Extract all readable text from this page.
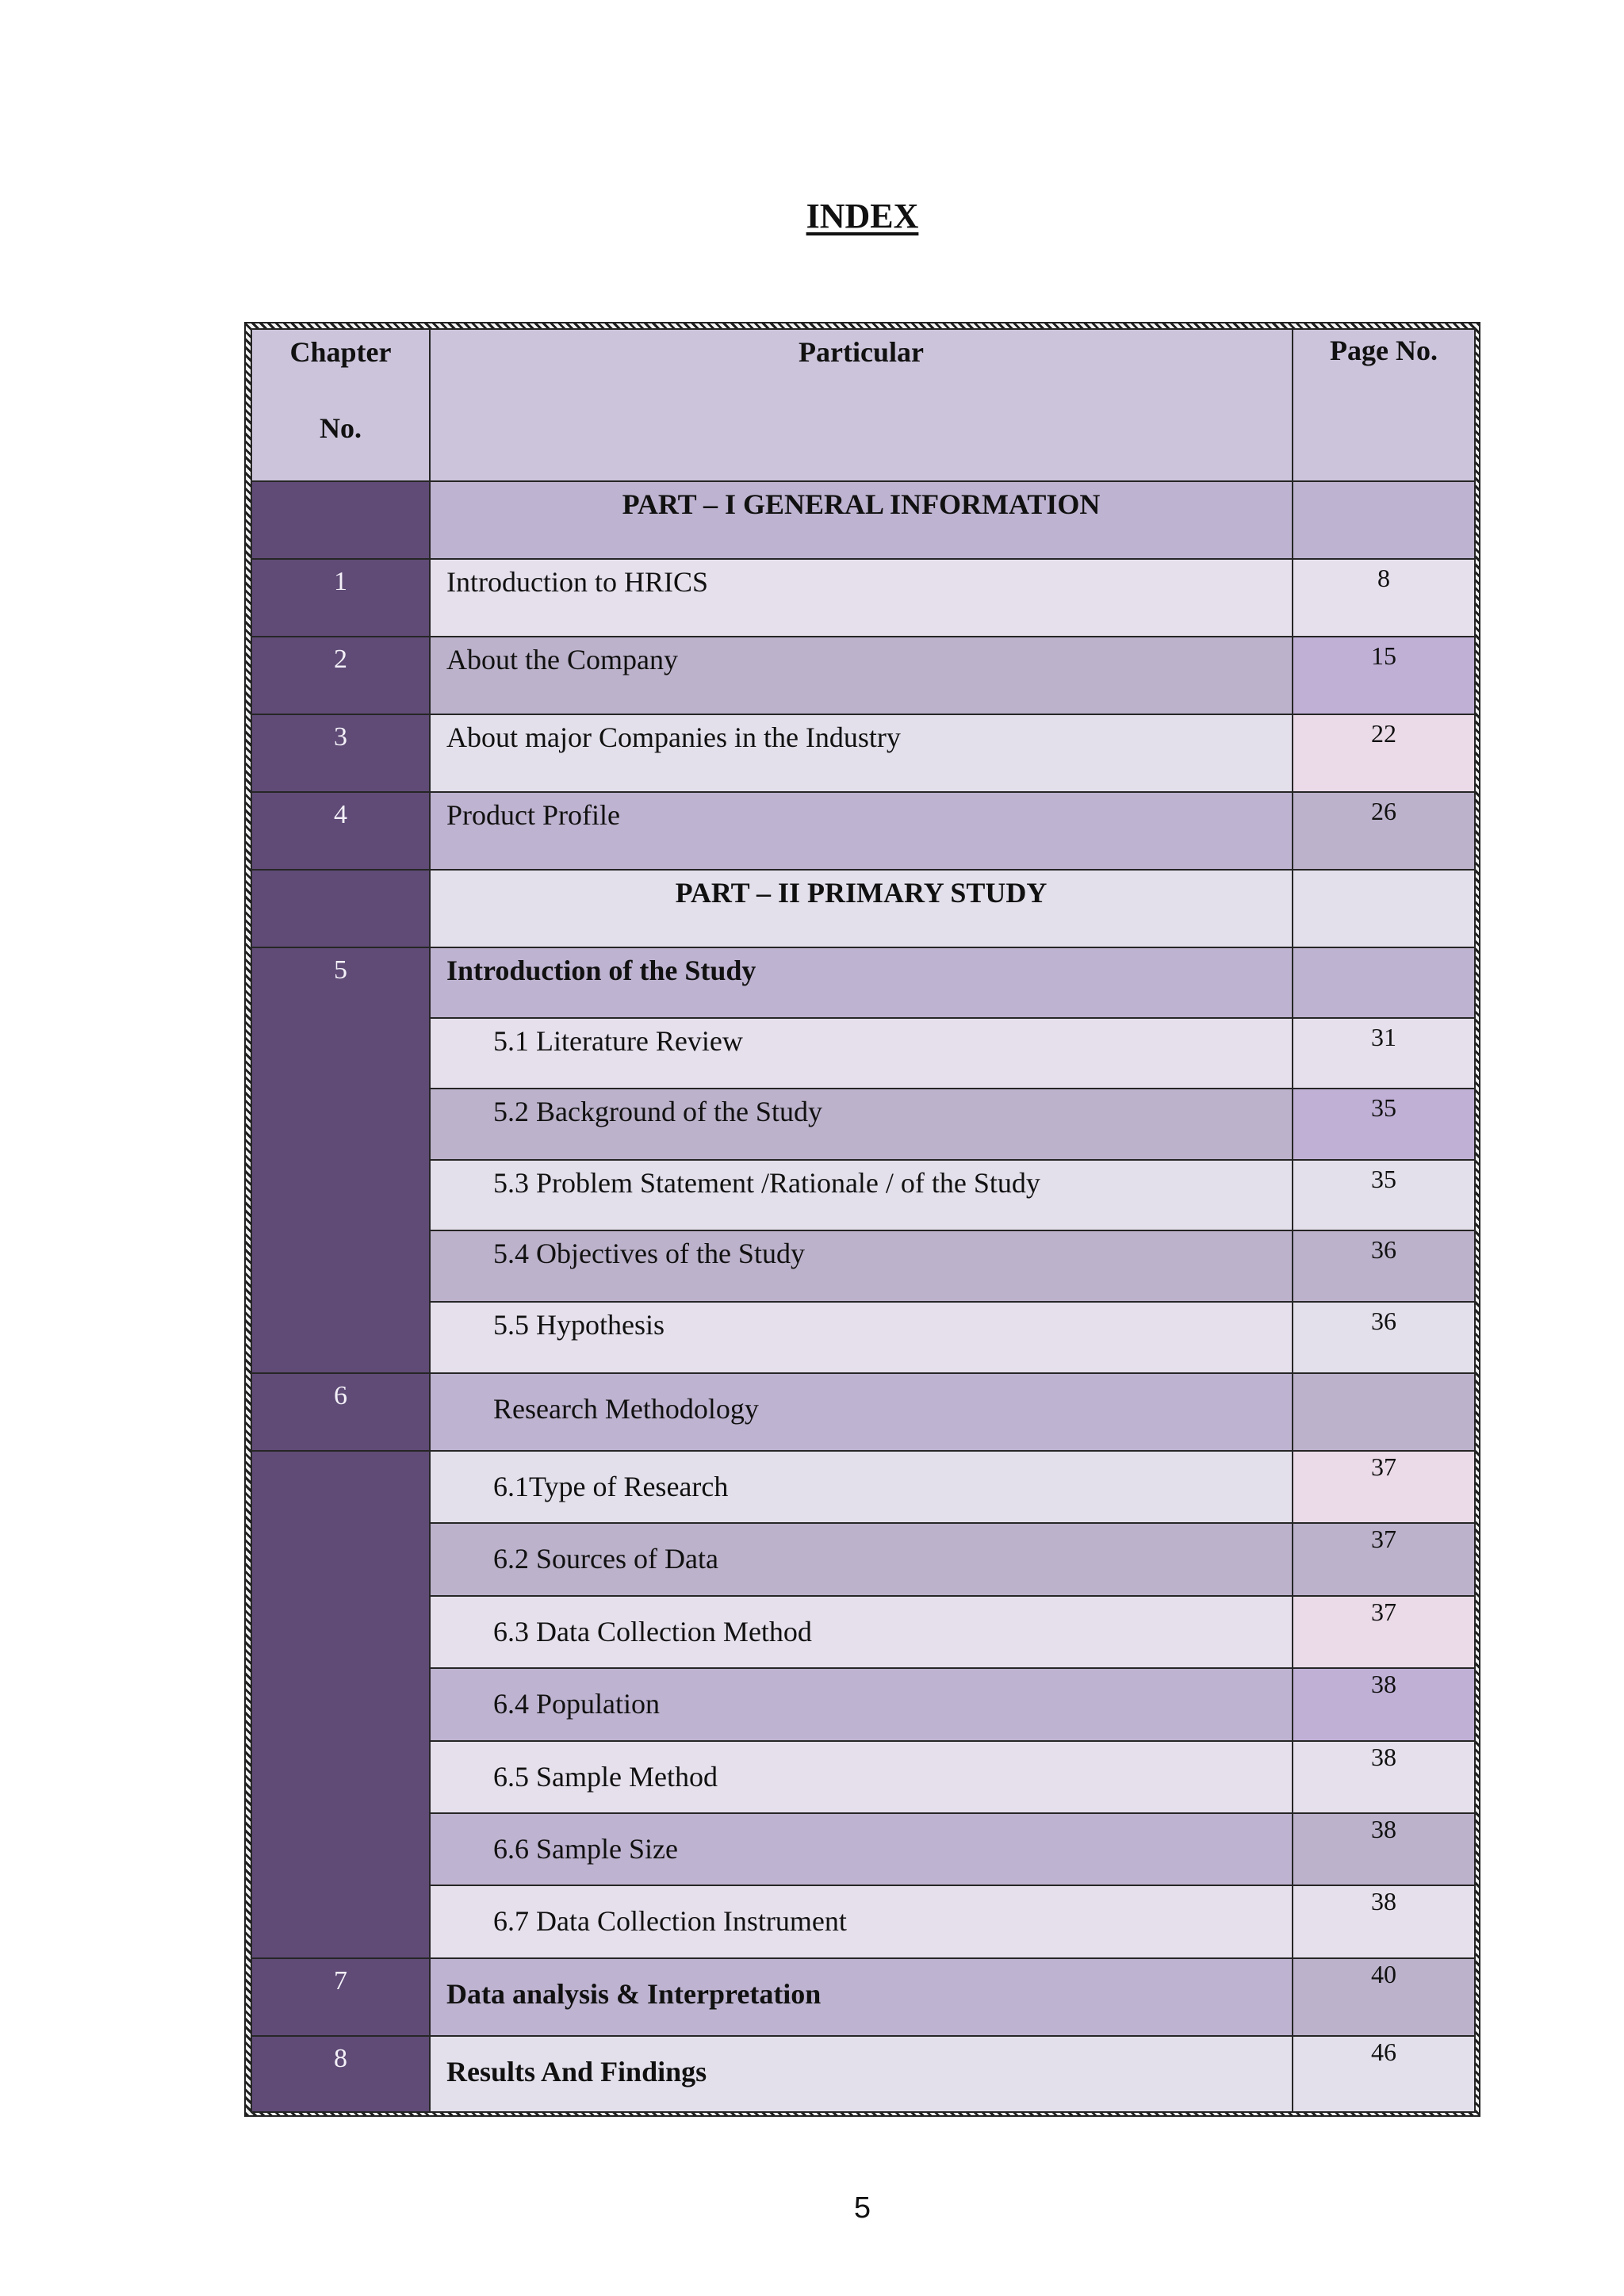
INDEX
Chapter
No.	Particular	Page No.
	PART – I GENERAL INFORMATION	
1	Introduction to HRICS	8
2	About the Company	15
3	About major Companies in the Industry	22
4	Product Profile	26
	PART – II PRIMARY STUDY	
5	Introduction of the Study	
	5.1 Literature Review	31
	5.2 Background of the Study	35
	5.3 Problem Statement /Rationale / of the Study	35
	5.4 Objectives of the Study	36
	5.5 Hypothesis	36
6	Research Methodology	
	6.1Type of Research	37
	6.2 Sources of Data	37
	6.3 Data Collection Method	37
	6.4 Population	38
	6.5 Sample Method	38
	6.6 Sample Size	38
	6.7 Data Collection Instrument	38
7	Data analysis & Interpretation	40
8	Results And Findings	46
5
